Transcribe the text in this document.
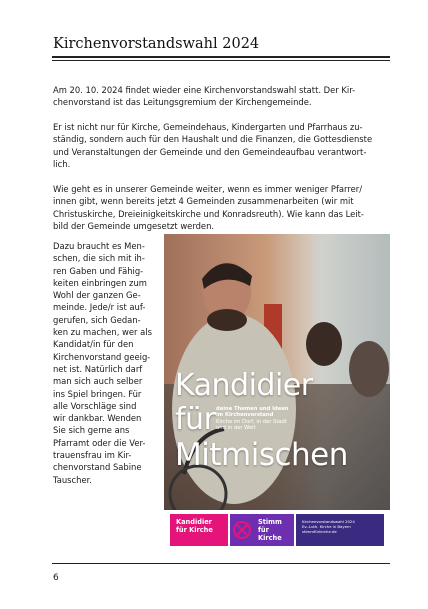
Kirchenvorstandswahl 2024

Am 20. 10. 2024 findet wieder eine Kirchenvorstandswahl statt. Der Kir-
chenvorstand ist das Leitungsgremium der Kirchengemeinde.

Er ist nicht nur für Kirche, Gemeindehaus, Kindergarten und Pfarrhaus zu-
ständig, sondern auch für den Haushalt und die Finanzen, die Gottesdienste
und Veranstaltungen der Gemeinde und den Gemeindeaufbau verantwort-
lich.

Wie geht es in unserer Gemeinde weiter, wenn es immer weniger Pfarrer/
innen gibt, wenn bereits jetzt 4 Gemeinden zusammenarbeiten (wir mit
Christuskirche, Dreieinigkeitskirche und Konradsreuth). Wie kann das Leit-
bild der Gemeinde umgesetzt werden.

Dazu braucht es Men-
schen, die sich mit ih-
ren Gaben und Fähig-
keiten einbringen zum
Wohl der ganzen Ge-
meinde. Jede/r ist auf-
gerufen, sich Gedan-
ken zu machen, wer als
Kandidat/in für den
Kirchenvorstand geeig-
net ist. Natürlich darf
man sich auch selber
ins Spiel bringen. Für
alle Vorschläge sind
wir dankbar. Wenden
Sie sich gerne ans
Pfarramt oder die Ver-
trauensfrau im Kir-
chenvorstand Sabine
Tauscher.

Kandidier
für
Mitmischen
deine Themen und Ideen
im Kirchenvorstand
Kirche im Dorf, in der Stadt
und in der Welt
Kandidier
für Kirche
Stimm
für Kirche
Kirchenvorstandswahl 2024
Ev.-Luth. Kirche in Bayern
stimmfürkirche.de
6
